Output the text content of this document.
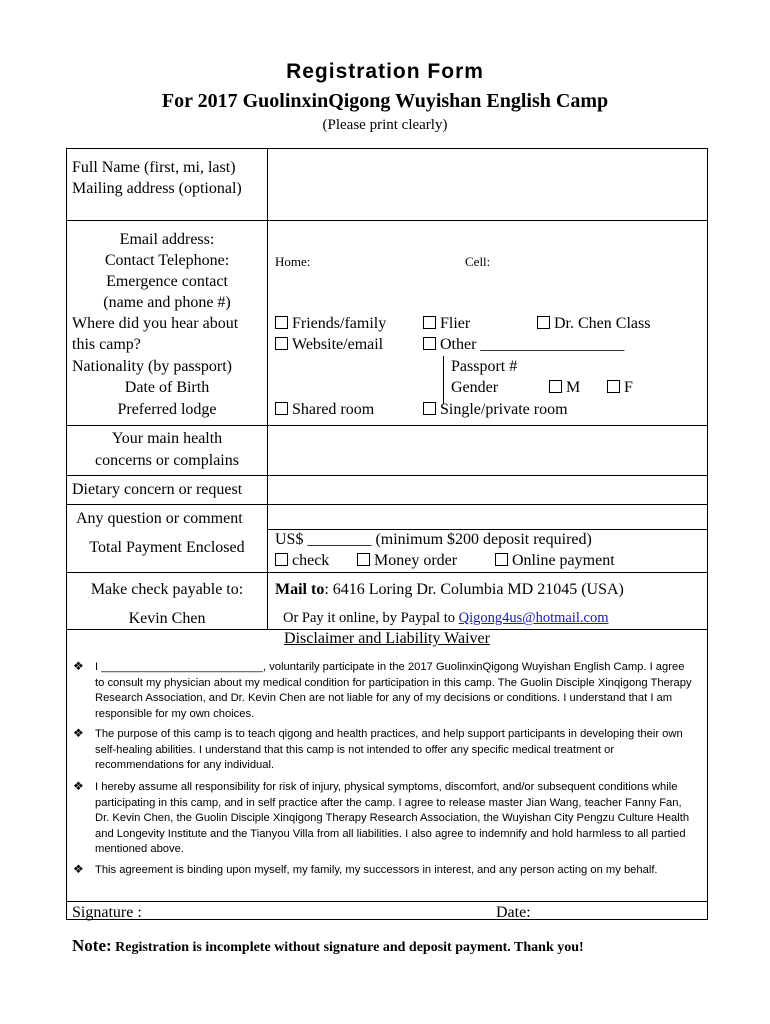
Registration Form
For 2017 GuolinxinQigong Wuyishan English Camp
(Please print clearly)
Full Name (first, mi, last)
Mailing address (optional)
Email address:
Contact Telephone:	Home:	Cell:
Emergence contact
(name and phone #)
Where did you hear about
this camp?
Friends/family	Flier	Dr. Chen Class
Website/email	Other __________________
Nationality (by passport)	Passport #
Date of Birth	Gender	M	F
Preferred lodge	Shared room	Single/private room
Your main health
concerns or complains
Dietary concern or request
Any question or comment
Total Payment Enclosed	US$ ________ (minimum $200 deposit required)
check	Money order	Online payment
Make check payable to:
Kevin Chen
Mail to: 6416 Loring Dr. Columbia MD 21045 (USA)
Or Pay it online, by Paypal to Qigong4us@hotmail.com
Disclaimer and Liability Waiver
❖ I __________________________, voluntarily participate in the 2017 GuolinxinQigong Wuyishan English Camp. I agree to consult my physician about my medical condition for participation in this camp. The Guolin Disciple Xinqigong Therapy Research Association, and Dr. Kevin Chen are not liable for any of my decisions or conditions. I understand that I am responsible for my own choices.
❖ The purpose of this camp is to teach qigong and health practices, and help support participants in developing their own self-healing abilities. I understand that this camp is not intended to offer any specific medical treatment or recommendations for any individual.
❖ I hereby assume all responsibility for risk of injury, physical symptoms, discomfort, and/or subsequent conditions while participating in this camp, and in self practice after the camp. I agree to release master Jian Wang, teacher Fanny Fan, Dr. Kevin Chen, the Guolin Disciple Xinqigong Therapy Research Association, the Wuyishan City Pengzu Culture Health and Longevity Institute and the Tianyou Villa from all liabilities. I also agree to indemnify and hold harmless to all partied mentioned above.
❖ This agreement is binding upon myself, my family, my successors in interest, and any person acting on my behalf.
Signature :	Date:
Note: Registration is incomplete without signature and deposit payment. Thank you!
